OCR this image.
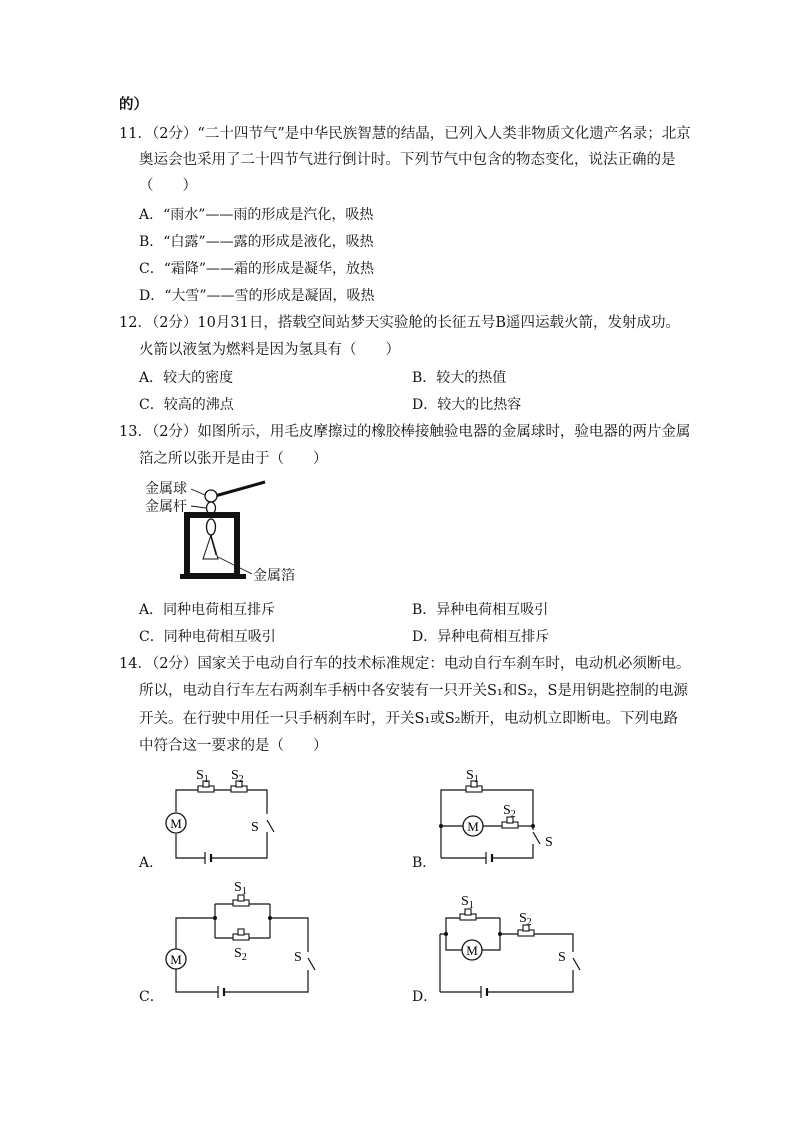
的）
11．（2分）“二十四节气”是中华民族智慧的结晶，已列入人类非物质文化遗产名录；北京
奥运会也采用了二十四节气进行倒计时。下列节气中包含的物态变化，说法正确的是
（　　）
A．“雨水”——雨的形成是汽化，吸热
B．“白露”——露的形成是液化，吸热
C．“霜降”——霜的形成是凝华，放热
D．“大雪”——雪的形成是凝固，吸热
12．（2分）10月31日，搭载空间站梦天实验舱的长征五号B遥四运载火箭，发射成功。
火箭以液氢为燃料是因为氢具有（　　）
A．较大的密度	B．较大的热值
C．较高的沸点	D．较大的比热容
13．（2分）如图所示，用毛皮摩擦过的橡胶棒接触验电器的金属球时，验电器的两片金属
箔之所以张开是由于（　　）
金属球
金属杆
金属箔
A．同种电荷相互排斥	B．异种电荷相互吸引
C．同种电荷相互吸引	D．异种电荷相互排斥
14．（2分）国家关于电动自行车的技术标准规定：电动自行车刹车时，电动机必须断电。
所以，电动自行车左右两刹车手柄中各安装有一只开关S₁和S₂，S是用钥匙控制的电源
开关。在行驶中用任一只手柄刹车时，开关S₁或S₂断开，电动机立即断电。下列电路
中符合这一要求的是（　　）
M
$S_1$ $S_2$
S
A．
M
$S_1$
$S_2$
S
B．
M
$S_1$
$S_2$	S
C．
M
$S_1$
$S_2$
S
D．
